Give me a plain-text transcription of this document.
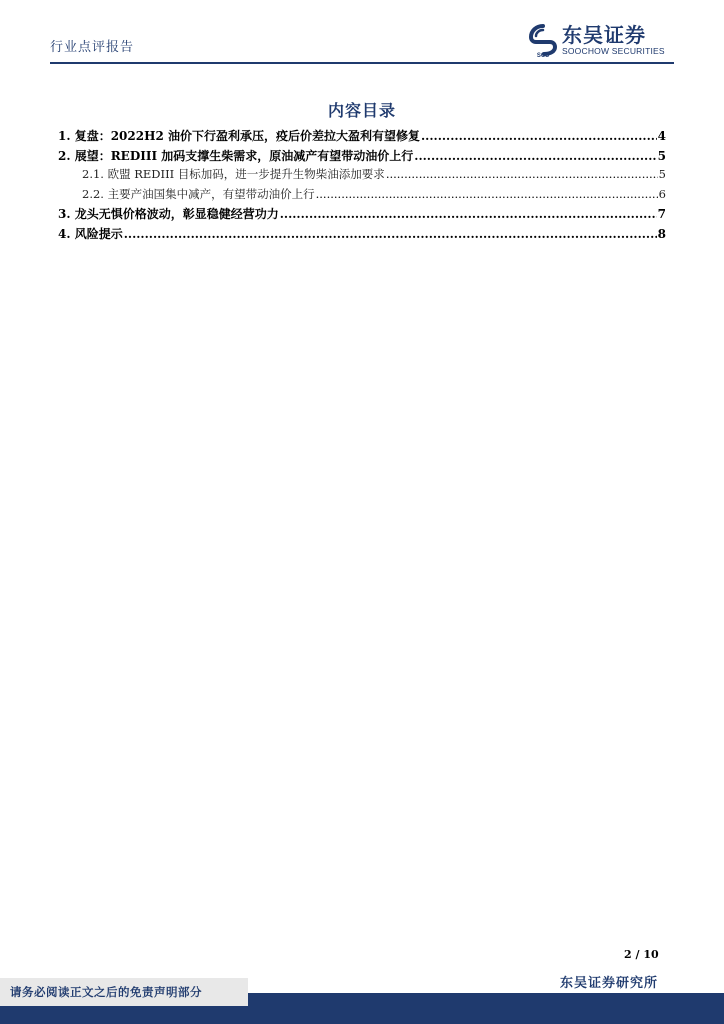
行业点评报告
SCS
东吴证券
SOOCHOW SECURITIES
内容目录
1. 复盘：2022H2 油价下行盈利承压，疫后价差拉大盈利有望修复 .....	4
2. 展望：REDIII 加码支撑生柴需求，原油减产有望带动油价上行 .....	5
2.1. 欧盟 REDIII 目标加码，进一步提升生物柴油添加要求 .....	5
2.2. 主要产油国集中减产，有望带动油价上行 .....	6
3. 龙头无惧价格波动，彰显稳健经营功力 .....	7
4. 风险提示 .....	8
2 / 10
东吴证券研究所
请务必阅读正文之后的免责声明部分
